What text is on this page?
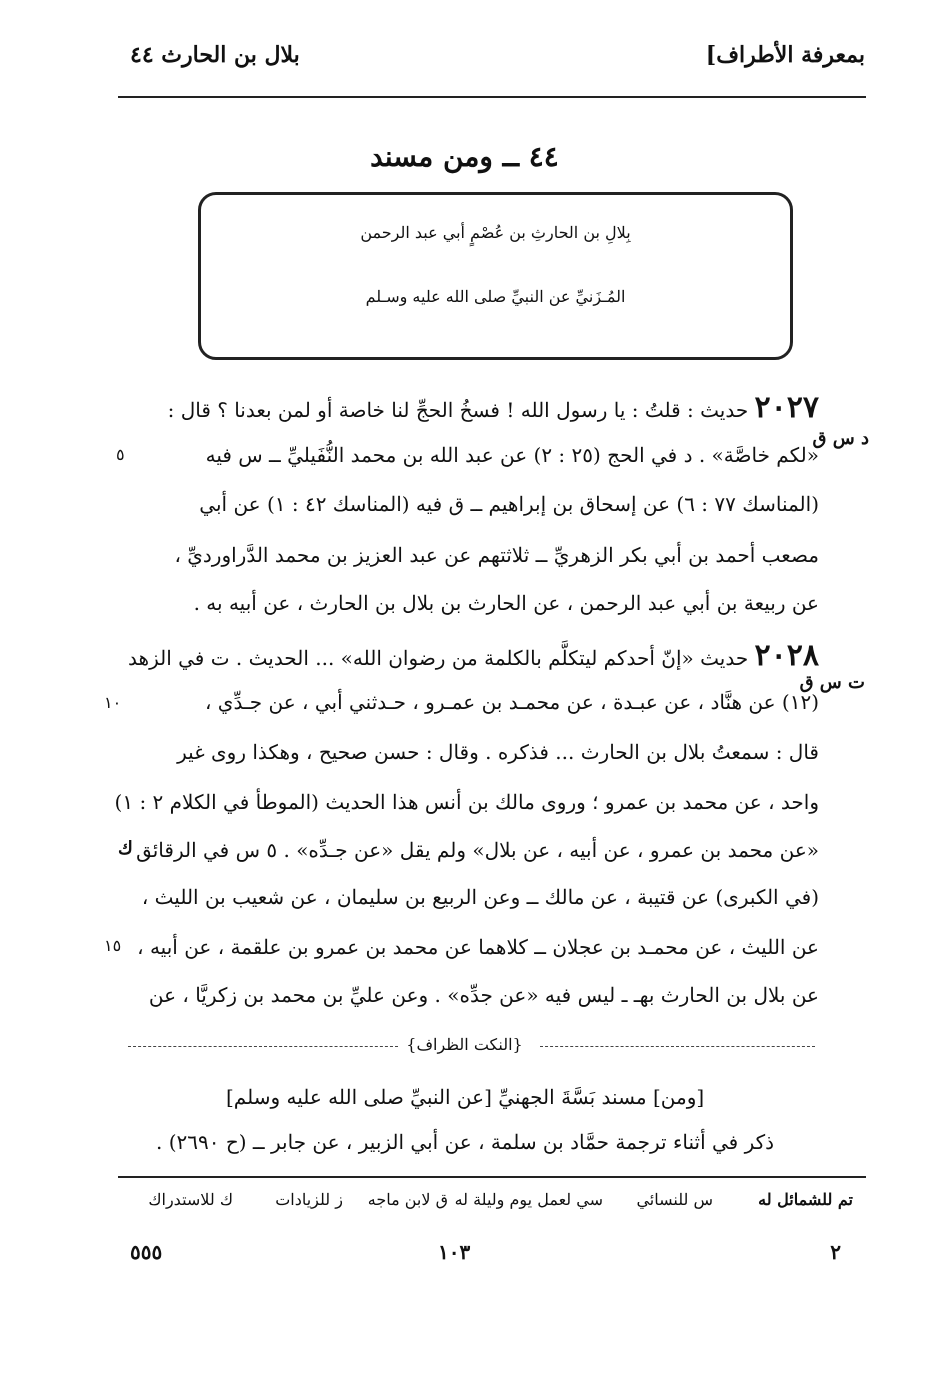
بمعرفة الأطراف]
بلال بن الحارث ٤٤
٤٤ ــ ومن مسند
بِلالِ بن الحارثِ بن عُصْمٍ أبي عبد الرحمن
المُـزَنيِّ عن النبيِّ صلى الله عليه وسـلم
٢٠٢٧ حديث : قلتُ : يا رسول الله ! فسخُ الحجِّ لنا خاصة أو لمن بعدنا ؟ قال :
د س ق
«لكم خاصَّة» . د في الحج (٢٥ : ٢) عن عبد الله بن محمد النُّفَيليِّ ــ س فيه
٥
(المناسك ٧٧ : ٦) عن إسحاق بن إبراهيم ــ ق فيه (المناسك ٤٢ : ١) عن أبي
مصعب أحمد بن أبي بكر الزهريِّ ــ ثلاثتهم عن عبد العزيز بن محمد الدَّراورديِّ ،
عن ربيعة بن أبي عبد الرحمن ، عن الحارث بن بلال بن الحارث ، عن أبيه به .
٢٠٢٨ حديث «إنّ أحدكم ليتكلَّم بالكلمة من رضوان الله» ... الحديث . ت في الزهد
ت س ق
(١٢) عن هنَّاد ، عن عبـدة ، عن محمـد بن عمـرو ، حـدثني أبي ، عن جـدِّي ،
١٠
قال : سمعتُ بلال بن الحارث ... فذكره . وقال : حسن صحيح ، وهكذا روى غير
واحد ، عن محمد بن عمرو ؛ وروى مالك بن أنس هذا الحديث (الموطأ في الكلام ٢ : ١)
ك «عن محمد بن عمرو ، عن أبيه ، عن بلال» ولم يقل «عن جـدِّه» . ٥ س في الرقائق
(في الكبرى) عن قتيبة ، عن مالك ــ وعن الربيع بن سليمان ، عن شعيب بن الليث ،
عن الليث ، عن محمـد بن عجلان ــ كلاهما عن محمد بن عمرو بن علقمة ، عن أبيه ،
١٥
عن بلال بن الحارث بهـ ـ ليس فيه «عن جدِّه» . وعن عليِّ بن محمد بن زكريَّا ، عن
{النكت الظراف}
[ومن] مسند بَسَّةَ الجهنيِّ [عن النبيِّ صلى الله عليه وسلم]
ذكر في أثناء ترجمة حمَّاد بن سلمة ، عن أبي الزبير ، عن جابر ــ (ح ٢٦٩٠) .
تم للشمائل له
س للنسائي
سي لعمل يوم وليلة له
ق لابن ماجه
ز للزيادات
ك للاستدراك
٢
١٠٣
٥٥٥
